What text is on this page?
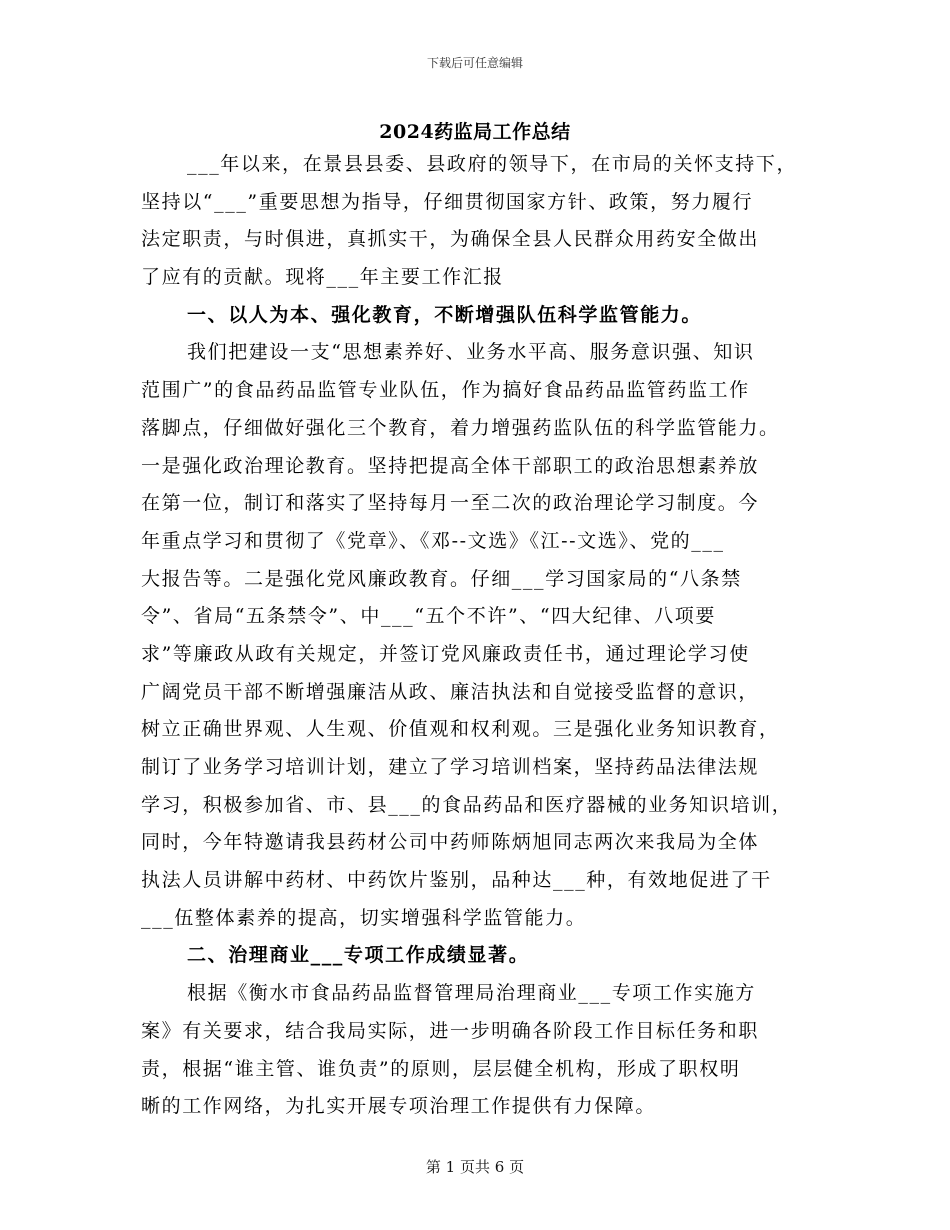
下载后可任意编辑
2024药监局工作总结
___年以来，在景县县委、县政府的领导下，在市局的关怀支持下，
坚持以“___”重要思想为指导，仔细贯彻国家方针、政策，努力履行
法定职责，与时俱进，真抓实干，为确保全县人民群众用药安全做出
了应有的贡献。现将___年主要工作汇报
一、以人为本、强化教育，不断增强队伍科学监管能力。
我们把建设一支“思想素养好、业务水平高、服务意识强、知识
范围广”的食品药品监管专业队伍，作为搞好食品药品监管药监工作
落脚点，仔细做好强化三个教育，着力增强药监队伍的科学监管能力。
一是强化政治理论教育。坚持把提高全体干部职工的政治思想素养放
在第一位，制订和落实了坚持每月一至二次的政治理论学习制度。今
年重点学习和贯彻了《党章》、《邓--文选》《江--文选》、党的___
大报告等。二是强化党风廉政教育。仔细___学习国家局的“八条禁
令”、省局“五条禁令”、中___“五个不许”、“四大纪律、八项要
求”等廉政从政有关规定，并签订党风廉政责任书，通过理论学习使
广阔党员干部不断增强廉洁从政、廉洁执法和自觉接受监督的意识，
树立正确世界观、人生观、价值观和权利观。三是强化业务知识教育，
制订了业务学习培训计划，建立了学习培训档案，坚持药品法律法规
学习，积极参加省、市、县___的食品药品和医疗器械的业务知识培训，
同时，今年特邀请我县药材公司中药师陈炳旭同志两次来我局为全体
执法人员讲解中药材、中药饮片鉴别，品种达___种，有效地促进了干
___伍整体素养的提高，切实增强科学监管能力。
二、治理商业___专项工作成绩显著。
根据《衡水市食品药品监督管理局治理商业___专项工作实施方
案》有关要求，结合我局实际，进一步明确各阶段工作目标任务和职
责，根据“谁主管、谁负责”的原则，层层健全机构，形成了职权明
晰的工作网络，为扎实开展专项治理工作提供有力保障。
第 1 页共 6 页
